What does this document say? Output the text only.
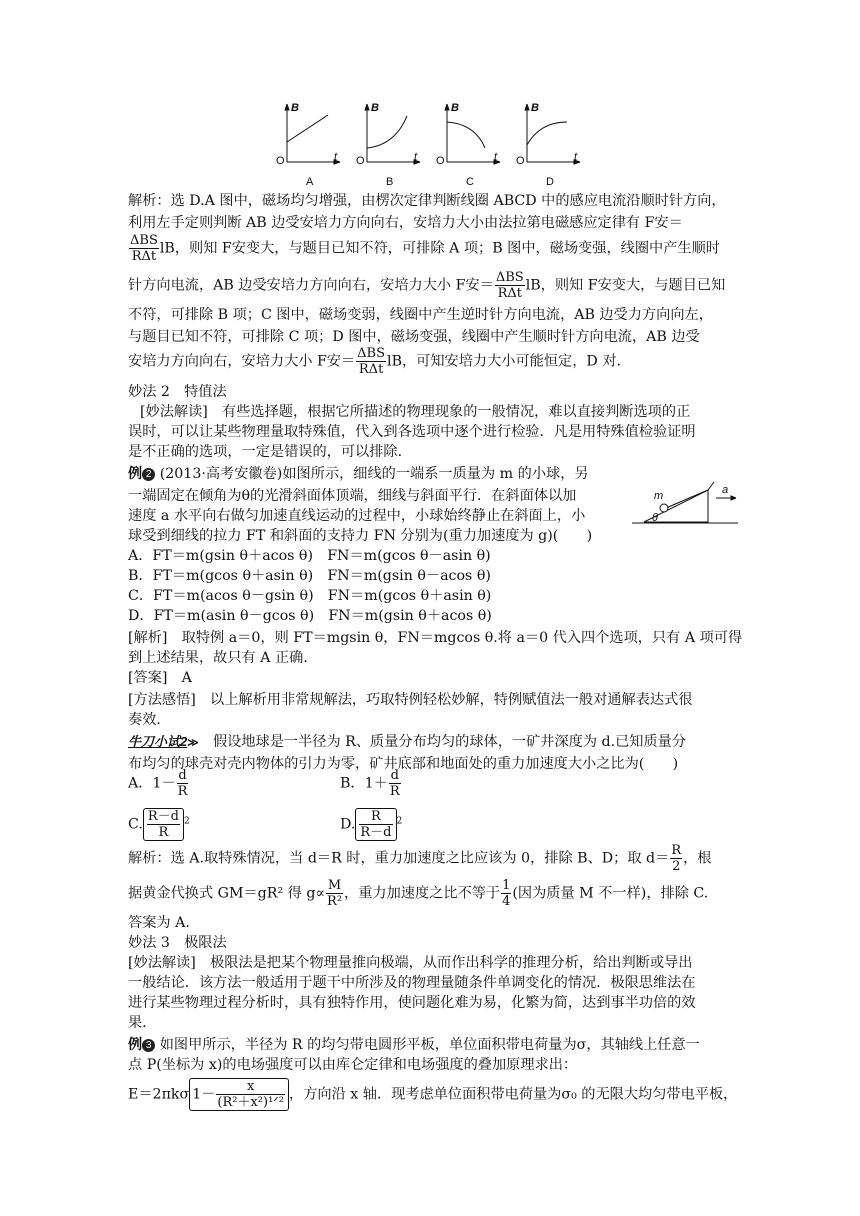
B
O	t
A
B
O	t
B
B
O	t
C
B
O	t
D
解析：选 D.A 图中，磁场均匀增强，由楞次定律判断线圈 ABCD 中的感应电流沿顺时针方向，
利用左手定则判断 AB 边受安培力方向向右，安培力大小由法拉第电磁感应定律有 F安＝
$\frac{\text{ΔBS}}{\text{RΔt}}$ lB，则知 F安变大，与题目已知不符，可排除 A 项；B 图中，磁场变强，线圈中产生顺时
针方向电流，AB 边受安培力方向向右，安培力大小 F安＝ $\frac{\text{ΔBS}}{\text{RΔt}}$ lB，则知 F安变大，与题目已知
不符，可排除 B 项；C 图中，磁场变弱，线圈中产生逆时针方向电流，AB 边受力方向向左，
与题目已知不符，可排除 C 项；D 图中，磁场变强，线圈中产生顺时针方向电流，AB 边受
安培力方向向右，安培力大小 F安＝ $\frac{\text{ΔBS}}{\text{RΔt}}$ lB，可知安培力大小可能恒定，D 对.
妙法 2　特值法
[妙法解读]　有些选择题，根据它所描述的物理现象的一般情况，难以直接判断选项的正
误时，可以让某些物理量取特殊值，代入到各选项中逐个进行检验．凡是用特殊值检验证明
是不正确的选项，一定是错误的，可以排除．
例 2 (2013·高考安徽卷)如图所示，细线的一端系一质量为 m 的小球，另
一端固定在倾角为θ的光滑斜面体顶端，细线与斜面平行．在斜面体以加
速度 a 水平向右做匀加速直线运动的过程中，小球始终静止在斜面上，小
球受到细线的拉力 FT 和斜面的支持力 FN 分别为(重力加速度为 g)(　　)
m	a
θ
A．FT＝m(gsin θ＋acos θ)　FN＝m(gcos θ－asin θ)
B．FT＝m(gcos θ＋asin θ)　FN＝m(gsin θ－acos θ)
C．FT＝m(acos θ－gsin θ)　FN＝m(gcos θ＋asin θ)
D．FT＝m(asin θ－gcos θ)　FN＝m(gsin θ＋acos θ)
[解析]　取特例 a＝0，则 FT＝mgsin θ，FN＝mgcos θ.将 a＝0 代入四个选项，只有 A 项可得
到上述结果，故只有 A 正确．
[答案]　A
[方法感悟]　以上解析用非常规解法，巧取特例轻松妙解，特例赋值法一般对通解表达式很
奏效．
牛刀小试2≫　假设地球是一半径为 R、质量分布均匀的球体，一矿井深度为 d.已知质量分
布均匀的球壳对壳内物体的引力为零，矿井底部和地面处的重力加速度大小之比为(　　)
A．$1- \frac{d}{R}$	B．$1+ \frac{d}{R}$
C. $\frac{R-d}{R} ^2$	D. $\frac{R}{R-d} ^2$
解析：选 A.取特殊情况，当 d＝R 时，重力加速度之比应该为 0，排除 B、D；取 $d= \frac{R}{2}$ ，根
据黄金代换式 GM＝gR² 得 $g\propto \frac{M}{\text{R²}}$ ，重力加速度之比不等于 $\frac{1}{4}$ (因为质量 M 不一样)，排除 C.
答案为 A.
妙法 3　极限法
[妙法解读]　极限法是把某个物理量推向极端，从而作出科学的推理分析，给出判断或导出
一般结论．该方法一般适用于题干中所涉及的物理量随条件单调变化的情况．极限思维法在
进行某些物理过程分析时，具有独特作用，使问题化难为易，化繁为简，达到事半功倍的效
果．
例 3 如图甲所示，半径为 R 的均匀带电圆形平板，单位面积带电荷量为σ，其轴线上任意一
点 P(坐标为 x)的电场强度可以由库仑定律和电场强度的叠加原理求出：
E＝2πkσ $1- \frac{x}{\text{(R²＋x²)¹ᐟ²}}$ ，方向沿 x 轴．现考虑单位面积带电荷量为σ₀ 的无限大均匀带电平板，
